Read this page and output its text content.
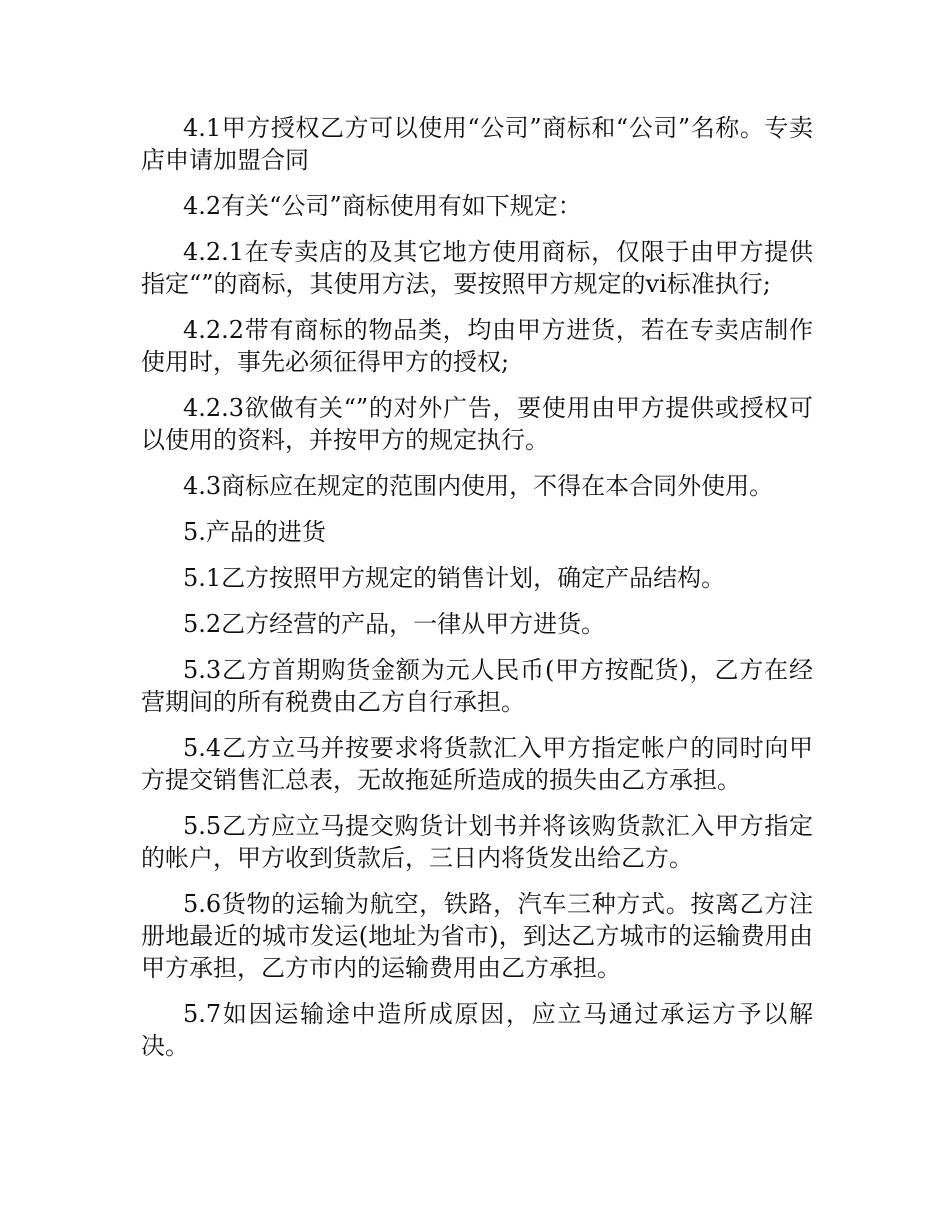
4.1甲方授权乙方可以使用“公司”商标和“公司”名称。专卖店申请加盟合同

4.2有关“公司”商标使用有如下规定：

4.2.1在专卖店的及其它地方使用商标，仅限于由甲方提供指定“”的商标，其使用方法，要按照甲方规定的vi标准执行;

4.2.2带有商标的物品类，均由甲方进货，若在专卖店制作使用时，事先必须征得甲方的授权;

4.2.3欲做有关“”的对外广告，要使用由甲方提供或授权可以使用的资料，并按甲方的规定执行。

4.3商标应在规定的范围内使用，不得在本合同外使用。

5.产品的进货

5.1乙方按照甲方规定的销售计划，确定产品结构。

5.2乙方经营的产品，一律从甲方进货。

5.3乙方首期购货金额为元人民币(甲方按配货)，乙方在经营期间的所有税费由乙方自行承担。

5.4乙方立马并按要求将货款汇入甲方指定帐户的同时向甲方提交销售汇总表，无故拖延所造成的损失由乙方承担。

5.5乙方应立马提交购货计划书并将该购货款汇入甲方指定的帐户，甲方收到货款后，三日内将货发出给乙方。

5.6货物的运输为航空，铁路，汽车三种方式。按离乙方注册地最近的城市发运(地址为省市)，到达乙方城市的运输费用由甲方承担，乙方市内的运输费用由乙方承担。

5.7如因运输途中造所成原因，应立马通过承运方予以解决。
